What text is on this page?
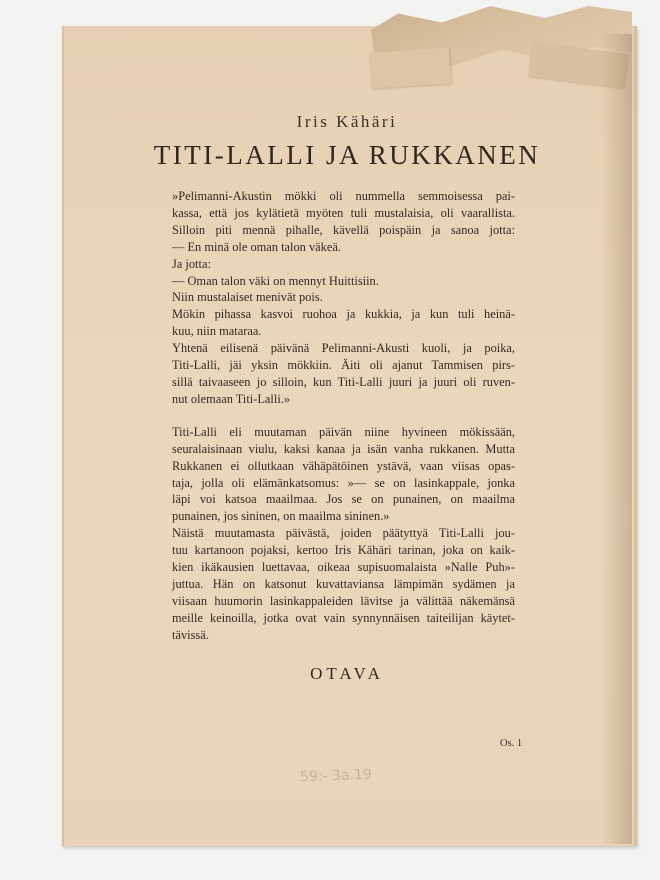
Iris Kähäri
TITI-LALLI JA RUKKANEN
»Pelimanni-Akustin mökki oli nummella semmoisessa pai-
kassa, että jos kylätietä myöten tuli mustalaisia, oli vaarallista.
Silloin piti mennä pihalle, kävellä poispäin ja sanoa jotta:
— En minä ole oman talon väkeä.
Ja jotta:
— Oman talon väki on mennyt Huittisiin.
Niin mustalaiset menivät pois.
Mökin pihassa kasvoi ruohoa ja kukkia, ja kun tuli heinä-
kuu, niin mataraa.
Yhtenä eilisenä päivänä Pelimanni-Akusti kuoli, ja poika,
Titi-Lalli, jäi yksin mökkiin. Äiti oli ajanut Tammisen pirs-
sillä taivaaseen jo silloin, kun Titi-Lalli juuri ja juuri oli ruven-
nut olemaan Titi-Lalli.»
Titi-Lalli eli muutaman päivän niine hyvineen mökissään,
seuralaisinaan viulu, kaksi kanaa ja isän vanha rukkanen. Mutta
Rukkanen ei ollutkaan vähäpätöinen ystävä, vaan viisas opas-
taja, jolla oli elämänkatsomus: »— se on lasinkappale, jonka
läpi voi katsoa maailmaa. Jos se on punainen, on maailma
punainen, jos sininen, on maailma sininen.»
Näistä muutamasta päivästä, joiden päätyttyä Titi-Lalli jou-
tuu kartanoon pojaksi, kertoo Iris Kähäri tarinan, joka on kaik-
kien ikäkausien luettavaa, oikeaa supisuomalaista »Nalle Puh»-
juttua. Hän on katsonut kuvattaviansa lämpimän sydämen ja
viisaan huumorin lasinkappaleiden lävitse ja välittää näkemänsä
meille keinoilla, jotka ovat vain synnynnäisen taiteilijan käytet-
tävissä.
OTAVA
Os. 1
59:- 3a.19
